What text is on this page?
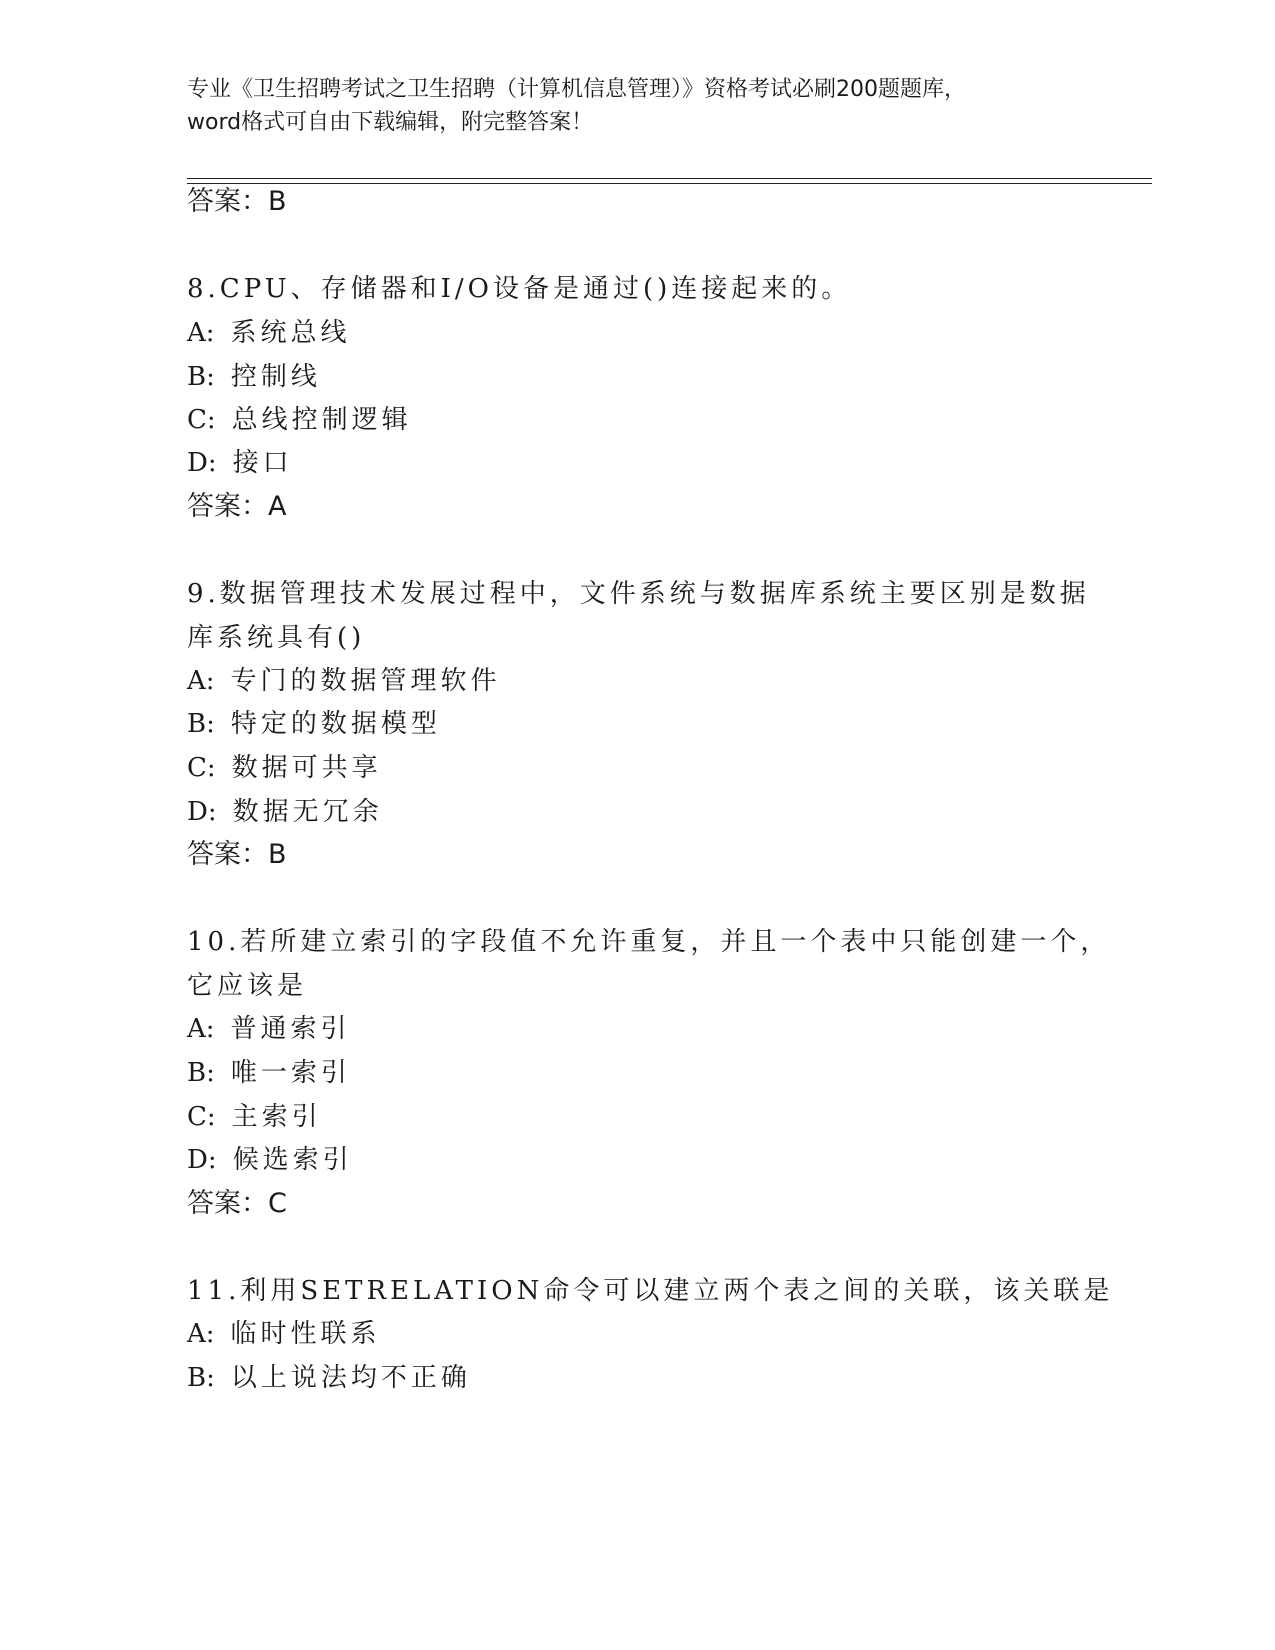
专业《卫生招聘考试之卫生招聘（计算机信息管理）》资格考试必刷200题题库，
word格式可自由下载编辑，附完整答案！
答案：B
8.CPU、存储器和I/O设备是通过()连接起来的。
A: 系统总线
B: 控制线
C: 总线控制逻辑
D: 接口
答案：A
9.数据管理技术发展过程中，文件系统与数据库系统主要区别是数据
库系统具有()
A: 专门的数据管理软件
B: 特定的数据模型
C: 数据可共享
D: 数据无冗余
答案：B
10.若所建立索引的字段值不允许重复，并且一个表中只能创建一个，
它应该是
A: 普通索引
B: 唯一索引
C: 主索引
D: 候选索引
答案：C
11.利用SETRELATION命令可以建立两个表之间的关联，该关联是
A: 临时性联系
B: 以上说法均不正确
